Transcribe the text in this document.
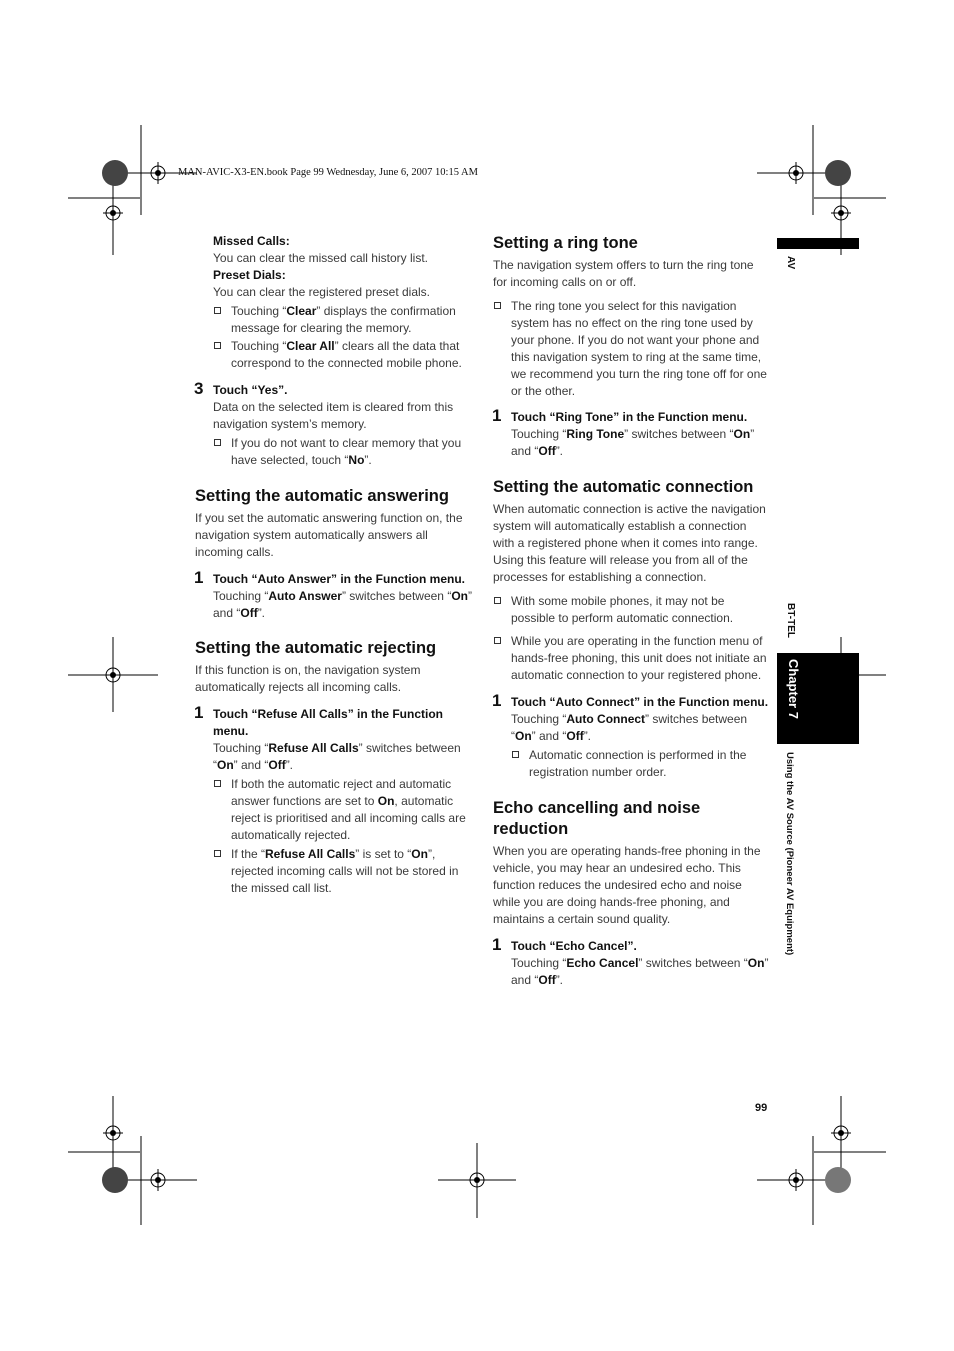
MAN-AVIC-X3-EN.book Page 99 Wednesday, June 6, 2007 10:15 AM
AV
BT-TEL
Chapter 7
Using the AV Source (Pioneer AV Equipment)
99
Missed Calls:
You can clear the missed call history list.
Preset Dials:
You can clear the registered preset dials.
Touching “Clear” displays the confirmation message for clearing the memory.
Touching “Clear All” clears all the data that correspond to the connected mobile phone.
3 Touch “Yes”.
Data on the selected item is cleared from this navigation system’s memory.
If you do not want to clear memory that you have selected, touch “No”.
Setting the automatic answering
If you set the automatic answering function on, the navigation system automatically answers all incoming calls.
1 Touch “Auto Answer” in the Function menu.
Touching “Auto Answer” switches between “On” and “Off”.
Setting the automatic rejecting
If this function is on, the navigation system automatically rejects all incoming calls.
1 Touch “Refuse All Calls” in the Function menu.
Touching “Refuse All Calls” switches between “On” and “Off”.
If both the automatic reject and automatic answer functions are set to On, automatic reject is prioritised and all incoming calls are automatically rejected.
If the “Refuse All Calls” is set to “On”, rejected incoming calls will not be stored in the missed call list.
Setting a ring tone
The navigation system offers to turn the ring tone for incoming calls on or off.
The ring tone you select for this navigation system has no effect on the ring tone used by your phone. If you do not want your phone and this navigation system to ring at the same time, we recommend you turn the ring tone off for one or the other.
1 Touch “Ring Tone” in the Function menu.
Touching “Ring Tone” switches between “On” and “Off”.
Setting the automatic connection
When automatic connection is active the navigation system will automatically establish a connection with a registered phone when it comes into range. Using this feature will release you from all of the processes for establishing a connection.
With some mobile phones, it may not be possible to perform automatic connection.
While you are operating in the function menu of hands-free phoning, this unit does not initiate an automatic connection to your registered phone.
1 Touch “Auto Connect” in the Function menu.
Touching “Auto Connect” switches between “On” and “Off”.
Automatic connection is performed in the registration number order.
Echo cancelling and noise reduction
When you are operating hands-free phoning in the vehicle, you may hear an undesired echo. This function reduces the undesired echo and noise while you are doing hands-free phoning, and maintains a certain sound quality.
1 Touch “Echo Cancel”.
Touching “Echo Cancel” switches between “On” and “Off”.
